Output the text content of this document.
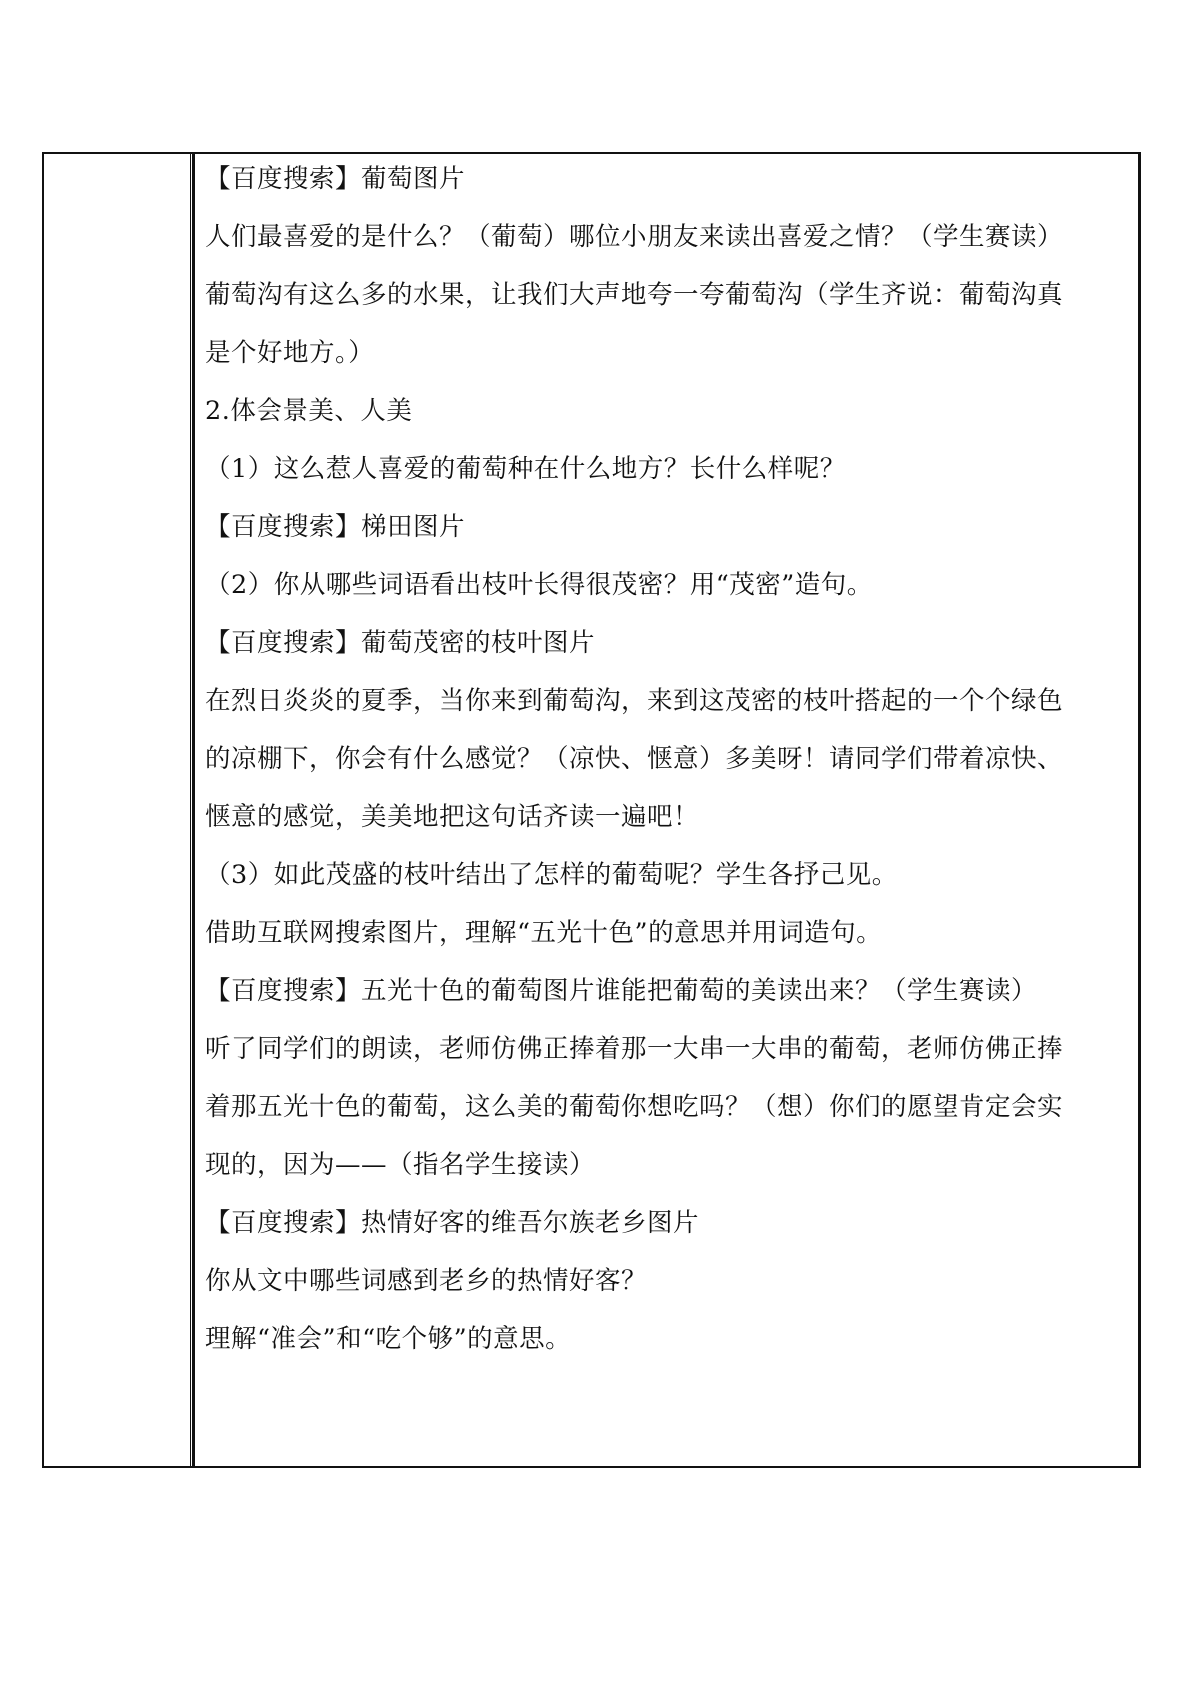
【百度搜索】葡萄图片
人们最喜爱的是什么？（葡萄）哪位小朋友来读出喜爱之情？（学生赛读）
葡萄沟有这么多的水果，让我们大声地夸一夸葡萄沟（学生齐说：葡萄沟真
是个好地方。）
2.体会景美、人美
（1）这么惹人喜爱的葡萄种在什么地方？长什么样呢？
【百度搜索】梯田图片
（2）你从哪些词语看出枝叶长得很茂密？用“茂密”造句。
【百度搜索】葡萄茂密的枝叶图片
在烈日炎炎的夏季，当你来到葡萄沟，来到这茂密的枝叶搭起的一个个绿色
的凉棚下，你会有什么感觉？（凉快、惬意）多美呀！请同学们带着凉快、
惬意的感觉，美美地把这句话齐读一遍吧！
（3）如此茂盛的枝叶结出了怎样的葡萄呢？学生各抒己见。
借助互联网搜索图片，理解“五光十色”的意思并用词造句。
【百度搜索】五光十色的葡萄图片谁能把葡萄的美读出来？（学生赛读）
听了同学们的朗读，老师仿佛正捧着那一大串一大串的葡萄，老师仿佛正捧
着那五光十色的葡萄，这么美的葡萄你想吃吗？（想）你们的愿望肯定会实
现的，因为——（指名学生接读）
【百度搜索】热情好客的维吾尔族老乡图片
你从文中哪些词感到老乡的热情好客？
理解“准会”和“吃个够”的意思。
